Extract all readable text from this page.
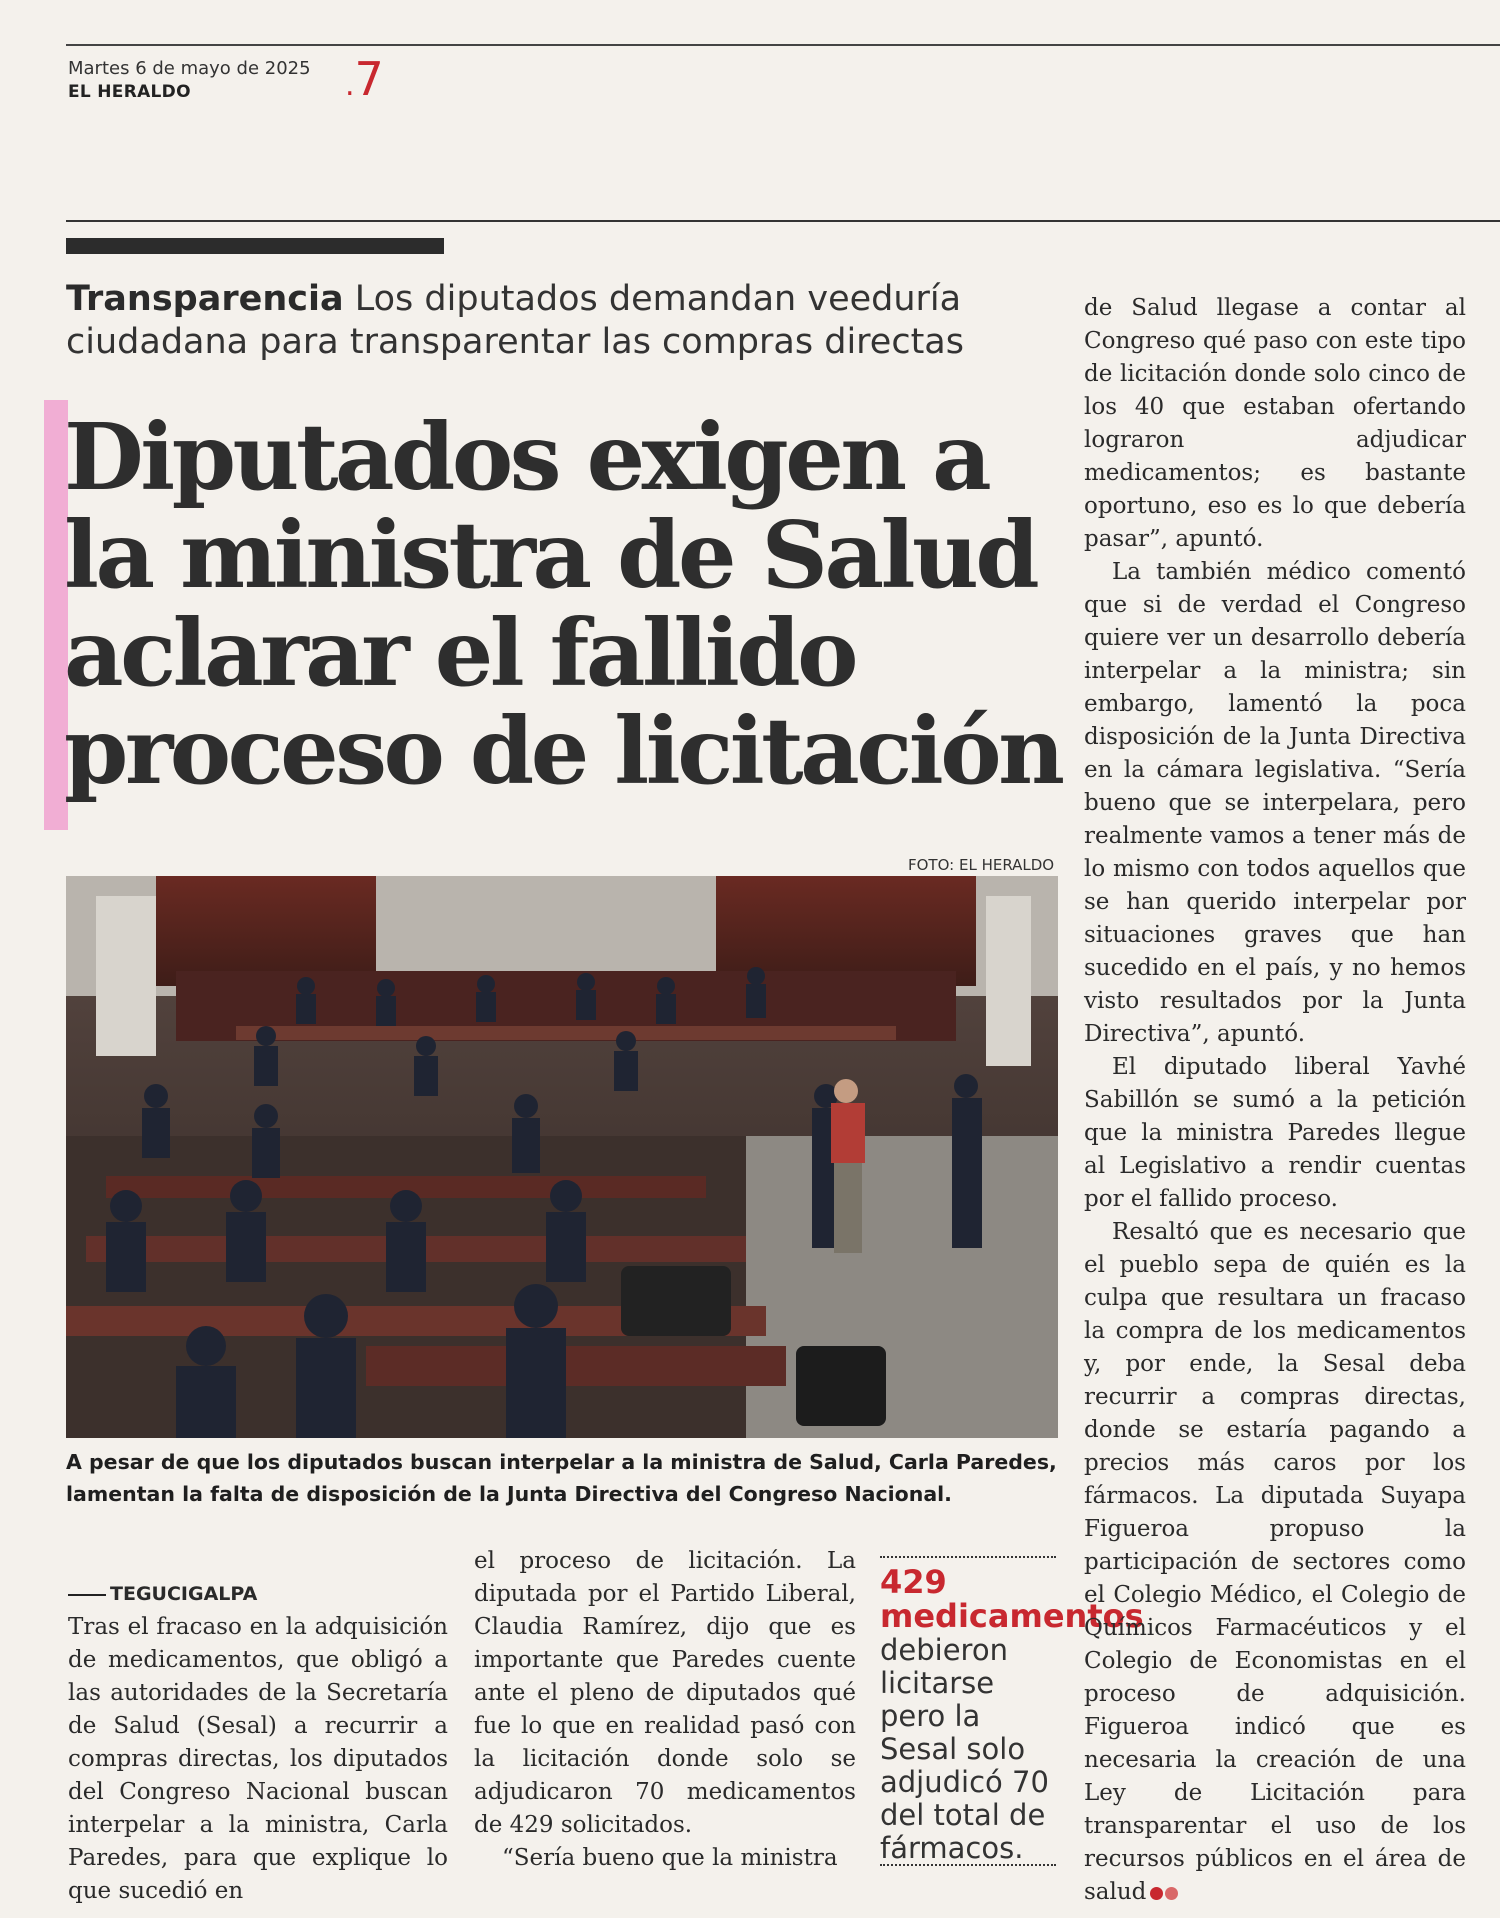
Martes 6 de mayo de 2025
EL HERALDO	.7
Transparencia Los diputados demandan veeduría ciudadana para transparentar las compras directas
Diputados exigen a
la ministra de Salud
aclarar el fallido
proceso de licitación
FOTO: EL HERALDO
A pesar de que los diputados buscan interpelar a la ministra de Salud, Carla Paredes, lamentan la falta de disposición de la Junta Directiva del Congreso Nacional.
TEGUCIGALPA

Tras el fracaso en la adquisición de medicamentos, que obligó a las autoridades de la Secretaría de Salud (Sesal) a recurrir a compras directas, los diputados del Congreso Nacional buscan interpelar a la ministra, Carla Paredes, para que explique lo que sucedió en

el proceso de licitación. La diputada por el Partido Liberal, Claudia Ramírez, dijo que es importante que Paredes cuente ante el pleno de diputados qué fue lo que en realidad pasó con la licitación donde solo se adjudicaron 70 medicamentos de 429 solicitados.

“Sería bueno que la ministra

429 medicamentos debieron licitarse pero la Sesal solo adjudicó 70 del total de fármacos.

de Salud llegase a contar al Congreso qué paso con este tipo de licitación donde solo cinco de los 40 que estaban ofertando lograron adjudicar medicamentos; es bastante oportuno, eso es lo que debería pasar”, apuntó.

La también médico comentó que si de verdad el Congreso quiere ver un desarrollo debería interpelar a la ministra; sin embargo, lamentó la poca disposición de la Junta Directiva en la cámara legislativa. “Sería bueno que se interpelara, pero realmente vamos a tener más de lo mismo con todos aquellos que se han querido interpelar por situaciones graves que han sucedido en el país, y no hemos visto resultados por la Junta Directiva”, apuntó.

El diputado liberal Yavhé Sabillón se sumó a la petición que la ministra Paredes llegue al Legislativo a rendir cuentas por el fallido proceso.

Resaltó que es necesario que el pueblo sepa de quién es la culpa que resultara un fracaso la compra de los medicamentos y, por ende, la Sesal deba recurrir a compras directas, donde se estaría pagando a precios más caros por los fármacos. La diputada Suyapa Figueroa propuso la participación de sectores como el Colegio Médico, el Colegio de Químicos Farmacéuticos y el Colegio de Economistas en el proceso de adquisición. Figueroa indicó que es necesaria la creación de una Ley de Licitación para transparentar el uso de los recursos públicos en el área de salud
